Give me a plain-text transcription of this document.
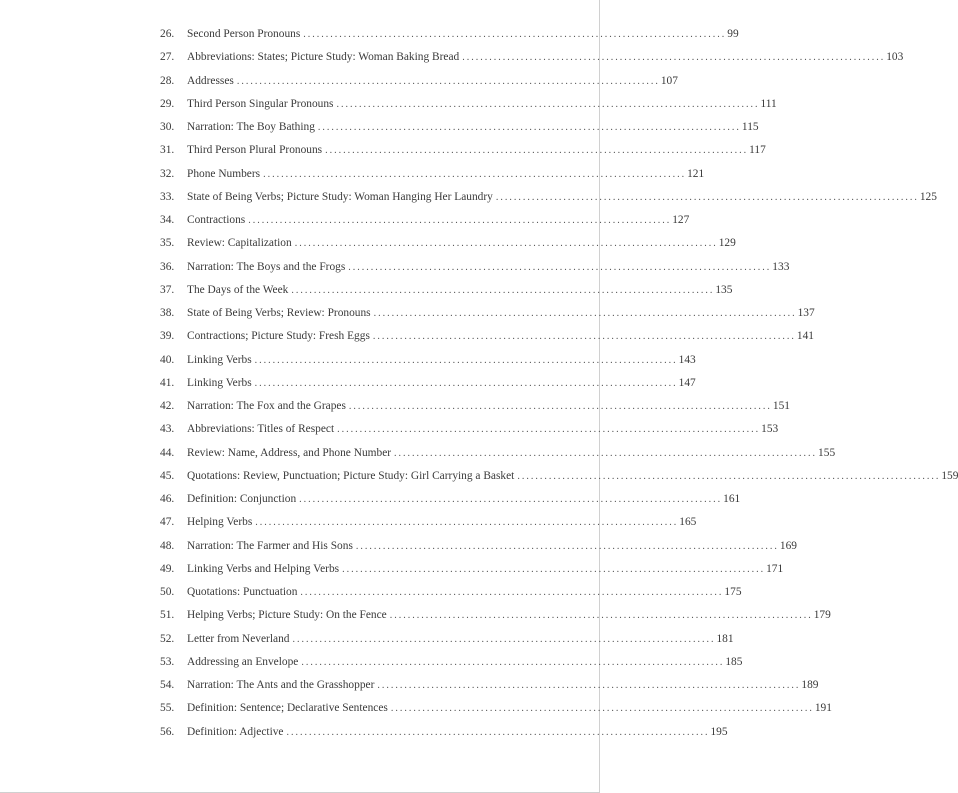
26.	Second Person Pronouns . . .	99
27.	Abbreviations: States; Picture Study: Woman Baking Bread . . .	103
28.	Addresses . . .	107
29.	Third Person Singular Pronouns . . .	111
30.	Narration: The Boy Bathing . . .	115
31.	Third Person Plural Pronouns . . .	117
32.	Phone Numbers . . .	121
33.	State of Being Verbs; Picture Study: Woman Hanging Her Laundry . . .	125
34.	Contractions . . .	127
35.	Review: Capitalization . . .	129
36.	Narration: The Boys and the Frogs . . .	133
37.	The Days of the Week . . .	135
38.	State of Being Verbs; Review: Pronouns . . .	137
39.	Contractions; Picture Study: Fresh Eggs . . .	141
40.	Linking Verbs . . .	143
41.	Linking Verbs . . .	147
42.	Narration: The Fox and the Grapes . . .	151
43.	Abbreviations: Titles of Respect . . .	153
44.	Review: Name, Address, and Phone Number . . .	155
45.	Quotations: Review, Punctuation; Picture Study: Girl Carrying a Basket . . .	159
46.	Definition: Conjunction . . .	161
47.	Helping Verbs . . .	165
48.	Narration: The Farmer and His Sons . . .	169
49.	Linking Verbs and Helping Verbs . . .	171
50.	Quotations: Punctuation . . .	175
51.	Helping Verbs; Picture Study: On the Fence . . .	179
52.	Letter from Neverland . . .	181
53.	Addressing an Envelope . . .	185
54.	Narration: The Ants and the Grasshopper . . .	189
55.	Definition: Sentence; Declarative Sentences . . .	191
56.	Definition: Adjective . . .	195
